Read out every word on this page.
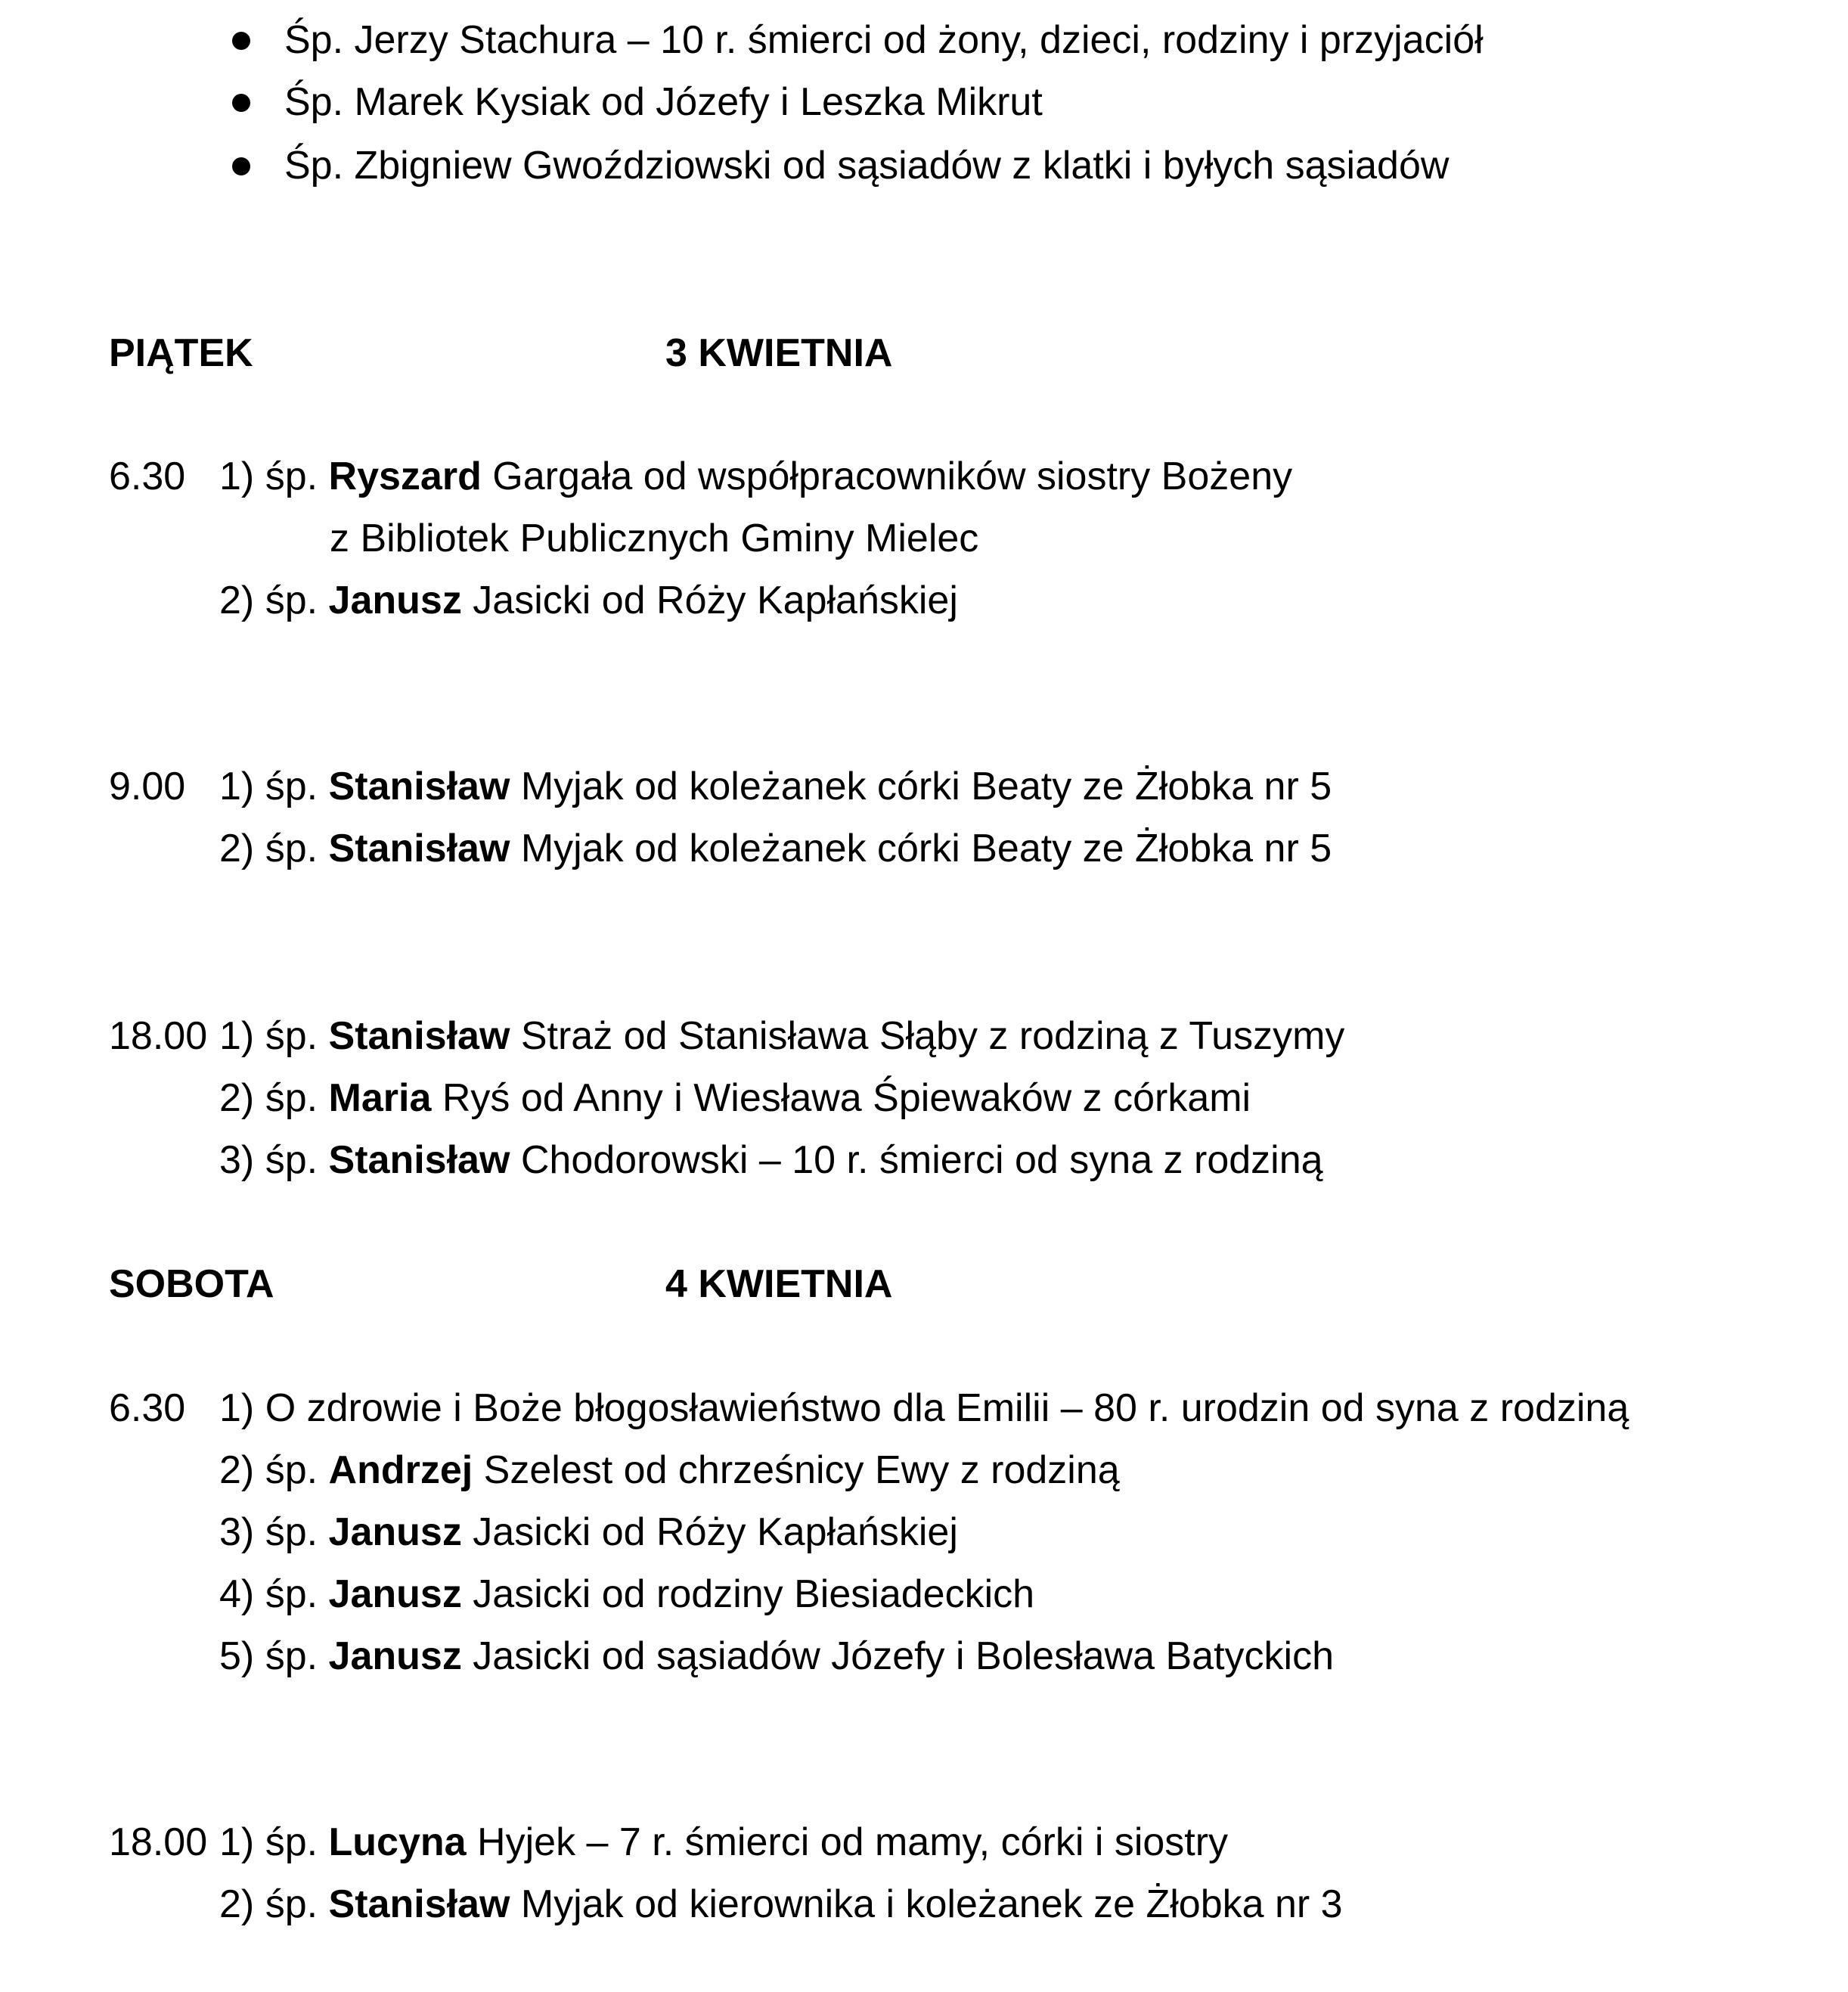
Śp. Jerzy Stachura – 10 r. śmierci od żony, dzieci, rodziny i przyjaciół
Śp. Marek Kysiak od Józefy i Leszka Mikrut
Śp. Zbigniew Gwoździowski od sąsiadów z klatki i byłych sąsiadów
PIĄTEK	3 KWIETNIA
6.30 1) śp. Ryszard Gargała od współpracowników siostry Bożeny
z Bibliotek Publicznych Gminy Mielec
2) śp. Janusz Jasicki od Róży Kapłańskiej
9.00 1) śp. Stanisław Myjak od koleżanek córki Beaty ze Żłobka nr 5
2) śp. Stanisław Myjak od koleżanek córki Beaty ze Żłobka nr 5
18.00 1) śp. Stanisław Straż od Stanisława Słąby z rodziną z Tuszymy
2) śp. Maria Ryś od Anny i Wiesława Śpiewaków z córkami
3) śp. Stanisław Chodorowski – 10 r. śmierci od syna z rodziną
SOBOTA	4 KWIETNIA
6.30 1) O zdrowie i Boże błogosławieństwo dla Emilii – 80 r. urodzin od syna z rodziną
2) śp. Andrzej Szelest od chrześnicy Ewy z rodziną
3) śp. Janusz Jasicki od Róży Kapłańskiej
4) śp. Janusz Jasicki od rodziny Biesiadeckich
5) śp. Janusz Jasicki od sąsiadów Józefy i Bolesława Batyckich
18.00 1) śp. Lucyna Hyjek – 7 r. śmierci od mamy, córki i siostry
2) śp. Stanisław Myjak od kierownika i koleżanek ze Żłobka nr 3
